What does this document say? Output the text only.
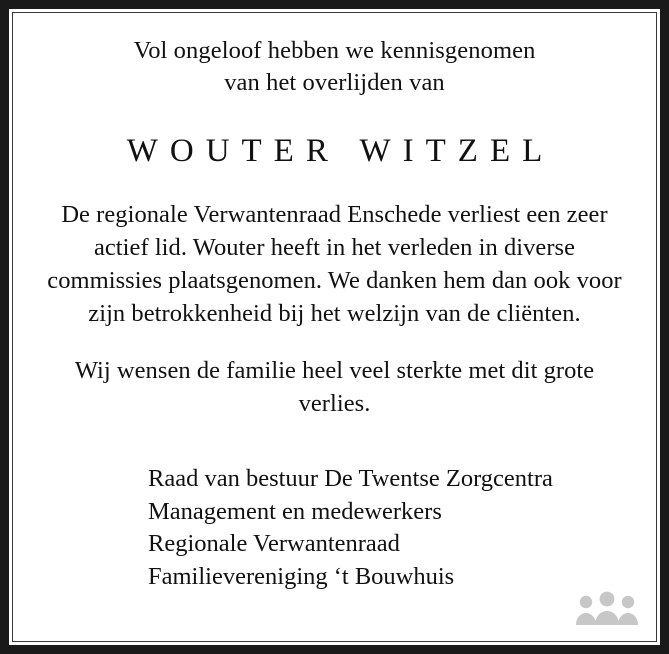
Vol ongeloof hebben we kennisgenomen
van het overlijden van

WOUTER WITZEL

De regionale Verwantenraad Enschede verliest een zeer actief lid. Wouter heeft in het verleden in diverse commissies plaatsgenomen. We danken hem dan ook voor zijn betrokkenheid bij het welzijn van de cliënten.

Wij wensen de familie heel veel sterkte met dit grote verlies.

Raad van bestuur De Twentse Zorgcentra
Management en medewerkers
Regionale Verwantenraad
Familievereniging ‘t Bouwhuis
